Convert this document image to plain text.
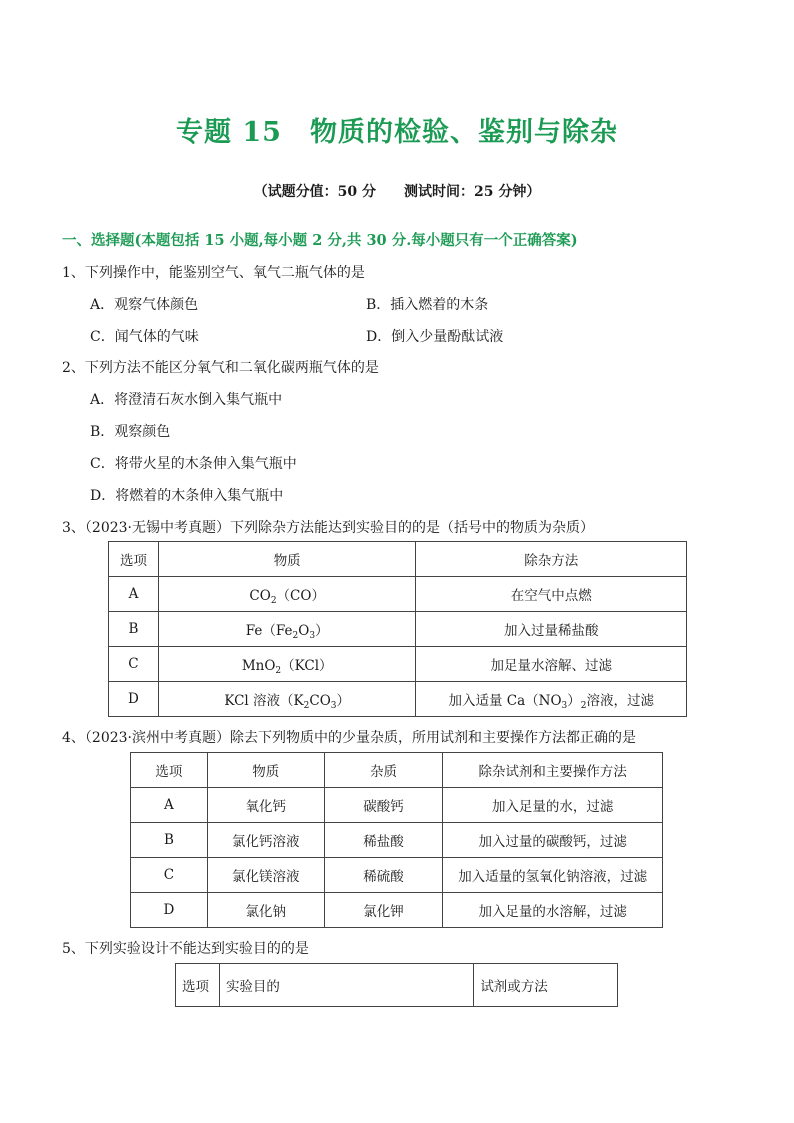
专题 15　物质的检验、鉴别与除杂
（试题分值：50 分　　测试时间：25 分钟）
一、选择题(本题包括 15 小题,每小题 2 分,共 30 分.每小题只有一个正确答案)
1、下列操作中，能鉴别空气、氧气二瓶气体的是
A．观察气体颜色	B．插入燃着的木条
C．闻气体的气味	D．倒入少量酚酞试液
2、下列方法不能区分氧气和二氧化碳两瓶气体的是
A．将澄清石灰水倒入集气瓶中
B．观察颜色
C．将带火星的木条伸入集气瓶中
D．将燃着的木条伸入集气瓶中
3、（2023·无锡中考真题）下列除杂方法能达到实验目的的是（括号中的物质为杂质）
选项	物质	除杂方法
A	$CO_2(CO)$	在空气中点燃
B	$Fe(Fe_2O_3)$	加入过量稀盐酸
C	MnO$_2$（KCl）	加足量水溶解、过滤
D	KCl 溶液$(K_2CO_3)$	加入适量 $Ca(NO_3)_2$溶液，过滤
4、（2023·滨州中考真题）除去下列物质中的少量杂质，所用试剂和主要操作方法都正确的是
选项	物质	杂质	除杂试剂和主要操作方法
A	氧化钙	碳酸钙	加入足量的水，过滤
B	氯化钙溶液	稀盐酸	加入过量的碳酸钙，过滤
C	氯化镁溶液	稀硫酸	加入适量的氢氧化钠溶液，过滤
D	氯化钠	氯化钾	加入足量的水溶解，过滤
5、下列实验设计不能达到实验目的的是
选项	实验目的	试剂或方法
